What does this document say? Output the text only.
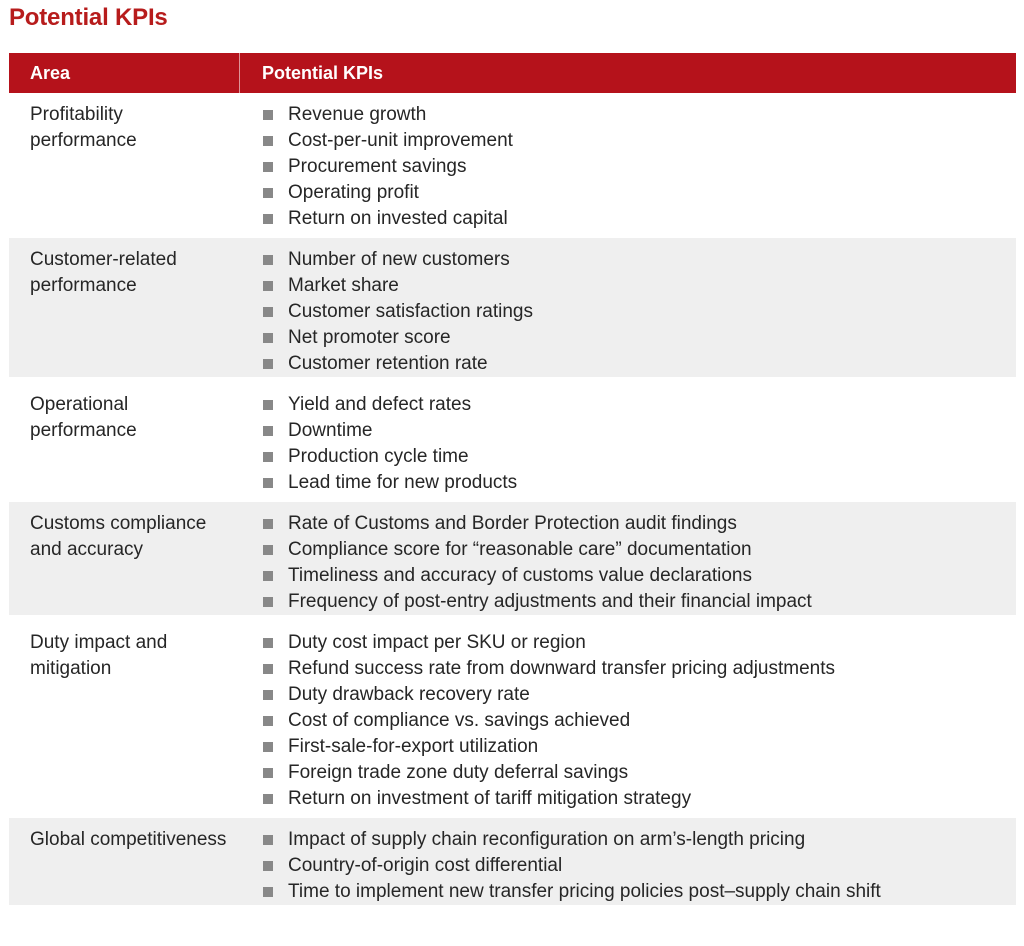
Potential KPIs
Area	Potential KPIs
Profitability performance
Revenue growth
Cost-per-unit improvement
Procurement savings
Operating profit
Return on invested capital
Customer-related performance
Number of new customers
Market share
Customer satisfaction ratings
Net promoter score
Customer retention rate
Operational performance
Yield and defect rates
Downtime
Production cycle time
Lead time for new products
Customs compliance and accuracy
Rate of Customs and Border Protection audit findings
Compliance score for “reasonable care” documentation
Timeliness and accuracy of customs value declarations
Frequency of post-entry adjustments and their financial impact
Duty impact and mitigation
Duty cost impact per SKU or region
Refund success rate from downward transfer pricing adjustments
Duty drawback recovery rate
Cost of compliance vs. savings achieved
First-sale-for-export utilization
Foreign trade zone duty deferral savings
Return on investment of tariff mitigation strategy
Global competitiveness	Impact of supply chain reconfiguration on arm’s-length pricing
Country-of-origin cost differential
Time to implement new transfer pricing policies post–supply chain shift
